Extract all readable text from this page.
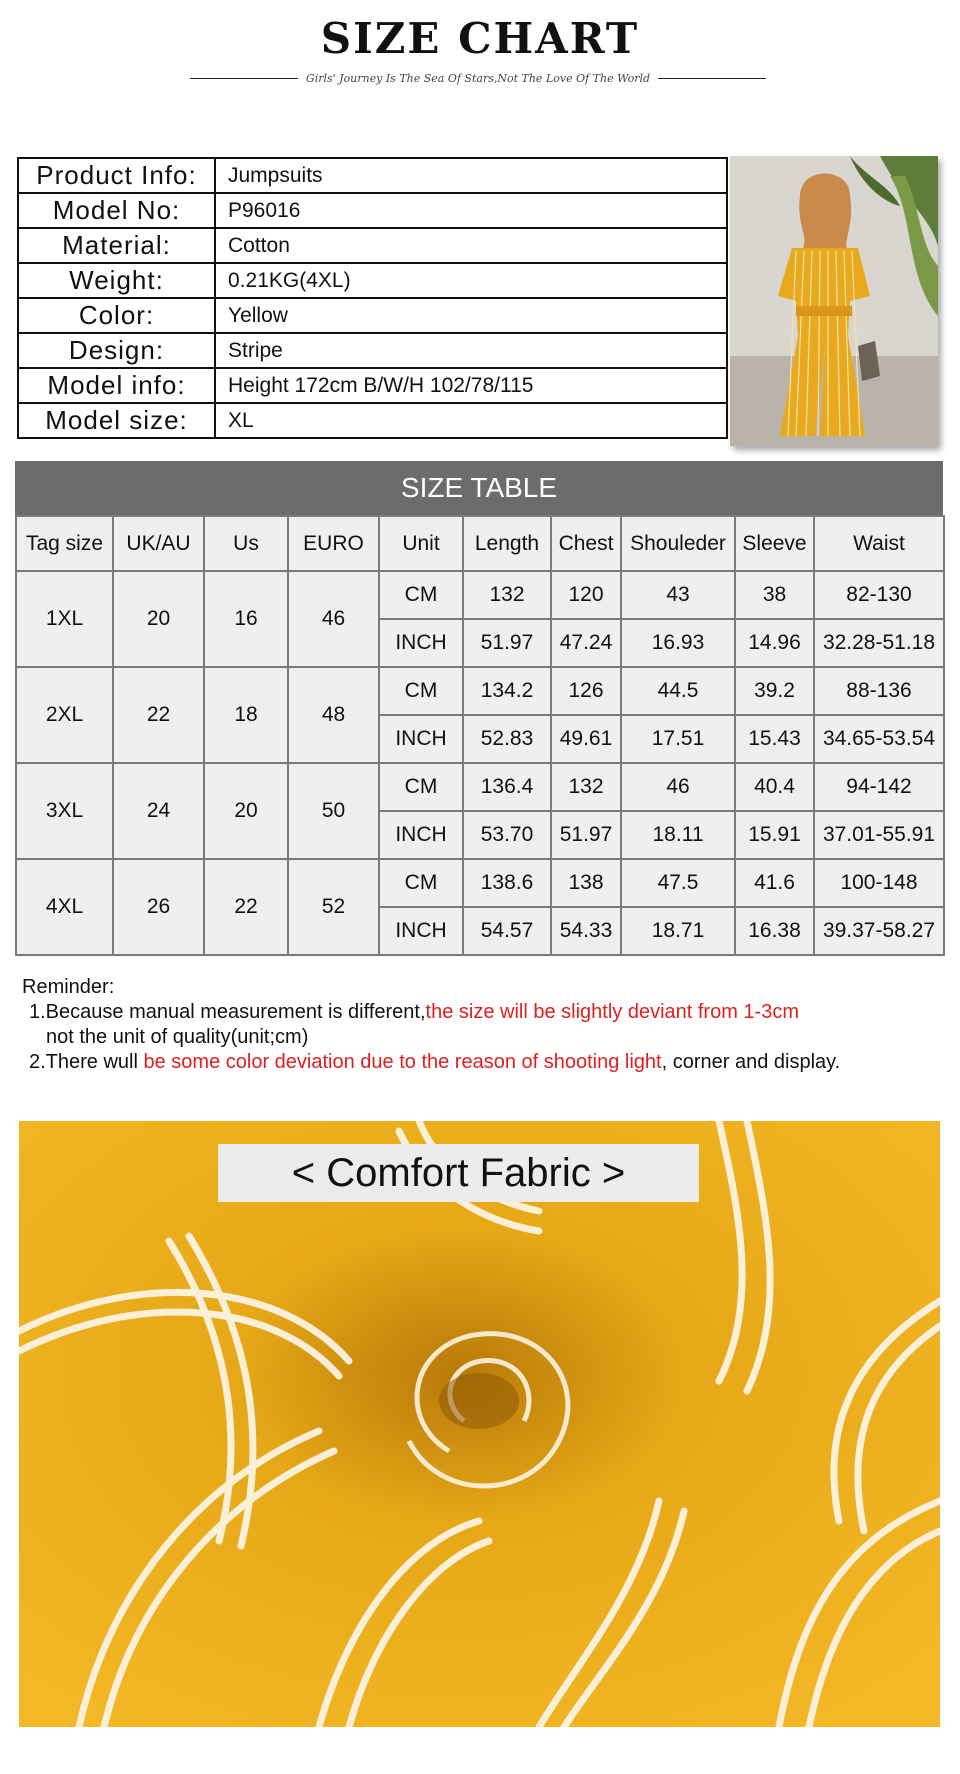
SIZE CHART
Girls' Journey Is The Sea Of Stars,Not The Love Of The World
Product Info:	Jumpsuits
Model No:	P96016
Material:	Cotton
Weight:	0.21KG(4XL)
Color:	Yellow
Design:	Stripe
Model info:	Height 172cm B/W/H 102/78/115
Model size:	XL
SIZE TABLE
Tag size	UK/AU	Us	EURO	Unit	Length	Chest	Shouleder	Sleeve	Waist
1XL	20	16	46	CM	132	120	43	38	82-130
				INCH	51.97	47.24	16.93	14.96	32.28-51.18
2XL	22	18	48	CM	134.2	126	44.5	39.2	88-136
				INCH	52.83	49.61	17.51	15.43	34.65-53.54
3XL	24	20	50	CM	136.4	132	46	40.4	94-142
				INCH	53.70	51.97	18.11	15.91	37.01-55.91
4XL	26	22	52	CM	138.6	138	47.5	41.6	100-148
				INCH	54.57	54.33	18.71	16.38	39.37-58.27
Reminder:
1.Because manual measurement is different,the size will be slightly deviant from 1-3cm
not the unit of quality(unit;cm)
2.There wull be some color deviation due to the reason of shooting light, corner and display.
< Comfort Fabric >
